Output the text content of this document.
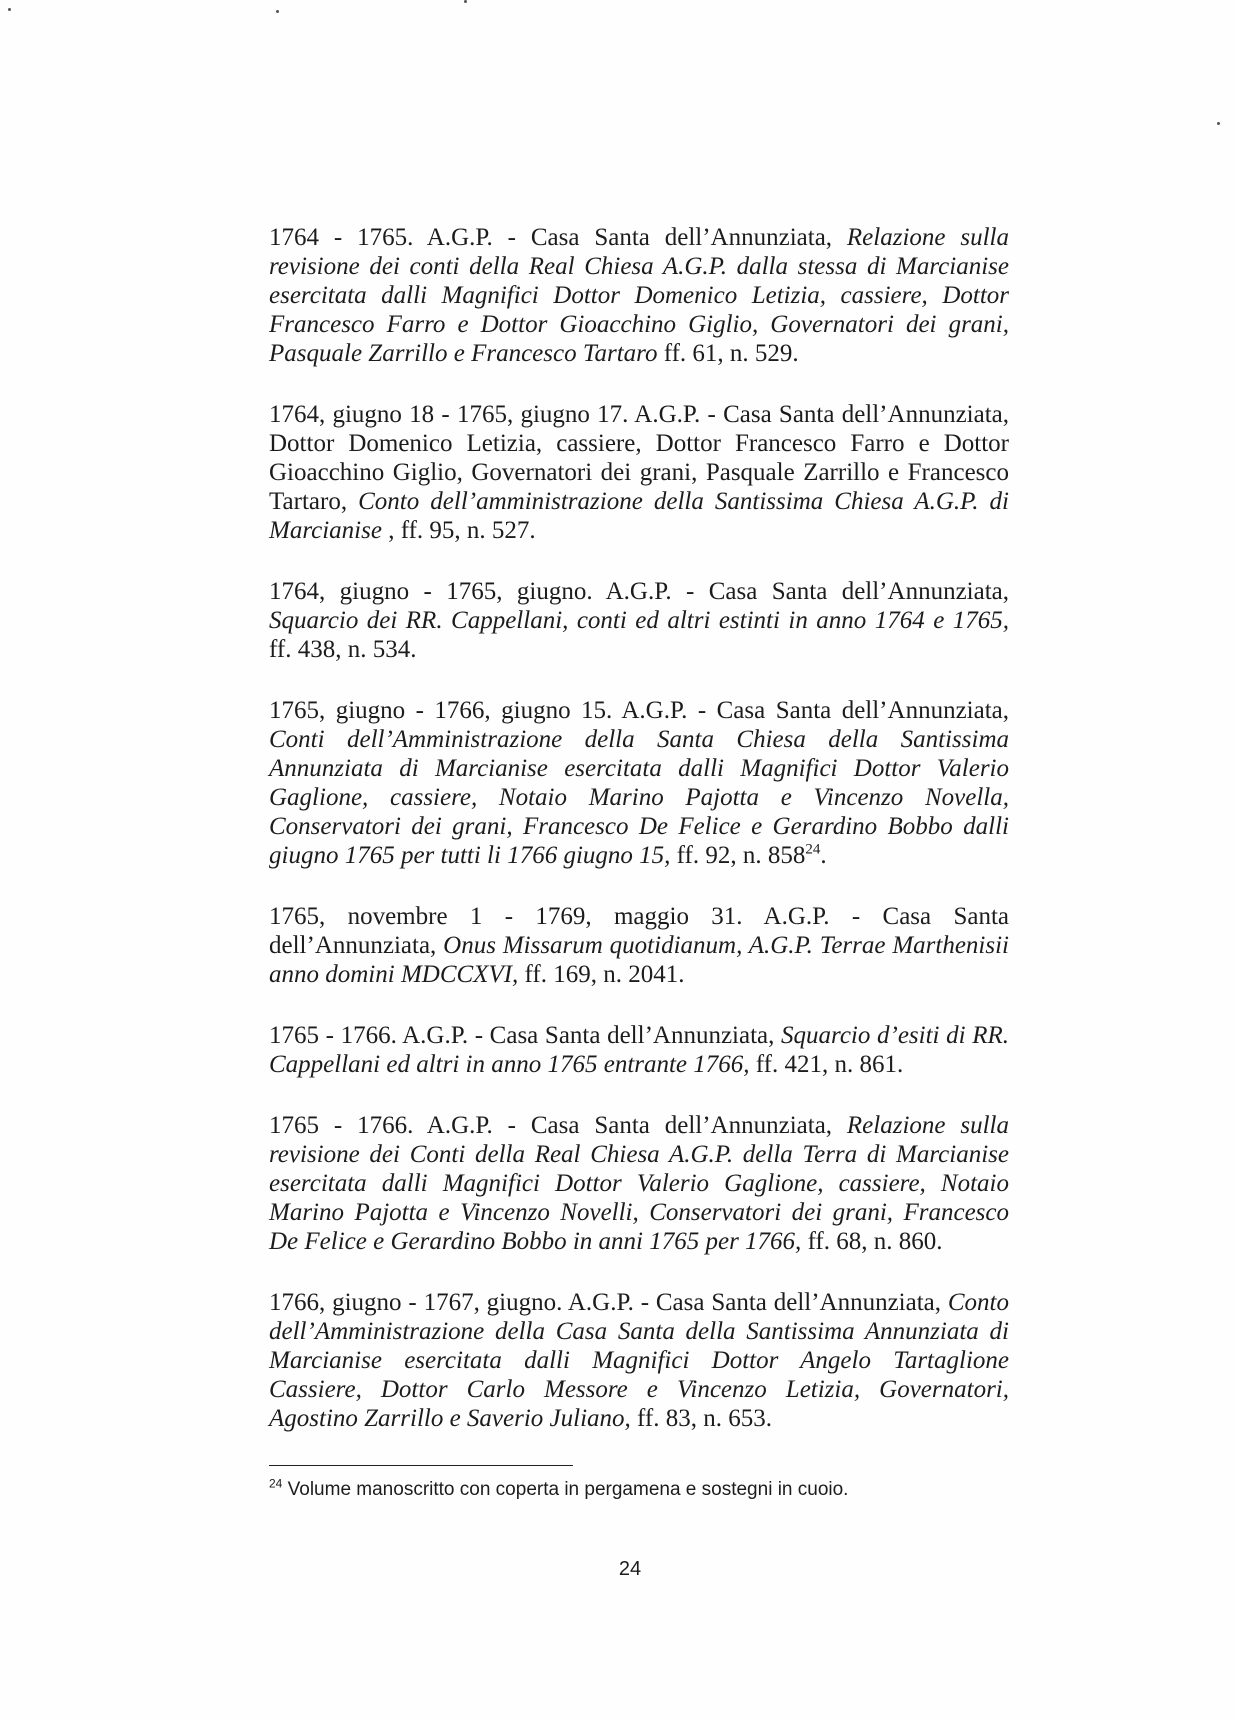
1764 - 1765. A.G.P. - Casa Santa dell’Annunziata, Relazione sulla revisione dei conti della Real Chiesa A.G.P. dalla stessa di Marcianise esercitata dalli Magnifici Dottor Domenico Letizia, cassiere, Dottor Francesco Farro e Dottor Gioacchino Giglio, Governatori dei grani, Pasquale Zarrillo e Francesco Tartaro ff. 61, n. 529.

1764, giugno 18 - 1765, giugno 17. A.G.P. - Casa Santa dell’Annunziata, Dottor Domenico Letizia, cassiere, Dottor Francesco Farro e Dottor Gioacchino Giglio, Governatori dei grani, Pasquale Zarrillo e Francesco Tartaro, Conto dell’amministrazione della Santissima Chiesa A.G.P. di Marcianise , ff. 95, n. 527.

1764, giugno - 1765, giugno. A.G.P. - Casa Santa dell’Annunziata, Squarcio dei RR. Cappellani, conti ed altri estinti in anno 1764 e 1765, ff. 438, n. 534.

1765, giugno - 1766, giugno 15. A.G.P. - Casa Santa dell’Annunziata, Conti dell’Amministrazione della Santa Chiesa della Santissima Annunziata di Marcianise esercitata dalli Magnifici Dottor Valerio Gaglione, cassiere, Notaio Marino Pajotta e Vincenzo Novella, Conservatori dei grani, Francesco De Felice e Gerardino Bobbo dalli giugno 1765 per tutti li 1766 giugno 15, ff. 92, n. $858^{24}$.

1765, novembre 1 - 1769, maggio 31. A.G.P. - Casa Santa dell’Annunziata, Onus Missarum quotidianum, A.G.P. Terrae Marthenisii anno domini MDCCXVI, ff. 169, n. 2041.

1765 - 1766. A.G.P. - Casa Santa dell’Annunziata, Squarcio d’esiti di RR. Cappellani ed altri in anno 1765 entrante 1766, ff. 421, n. 861.

1765 - 1766. A.G.P. - Casa Santa dell’Annunziata, Relazione sulla revisione dei Conti della Real Chiesa A.G.P. della Terra di Marcianise esercitata dalli Magnifici Dottor Valerio Gaglione, cassiere, Notaio Marino Pajotta e Vincenzo Novelli, Conservatori dei grani, Francesco De Felice e Gerardino Bobbo in anni 1765 per 1766, ff. 68, n. 860.

1766, giugno - 1767, giugno. A.G.P. - Casa Santa dell’Annunziata, Conto dell’Amministrazione della Casa Santa della Santissima Annunziata di Marcianise esercitata dalli Magnifici Dottor Angelo Tartaglione Cassiere, Dottor Carlo Messore e Vincenzo Letizia, Governatori, Agostino Zarrillo e Saverio Juliano, ff. 83, n. 653.

$^{24}$ Volume manoscritto con coperta in pergamena e sostegni in cuoio.
24
